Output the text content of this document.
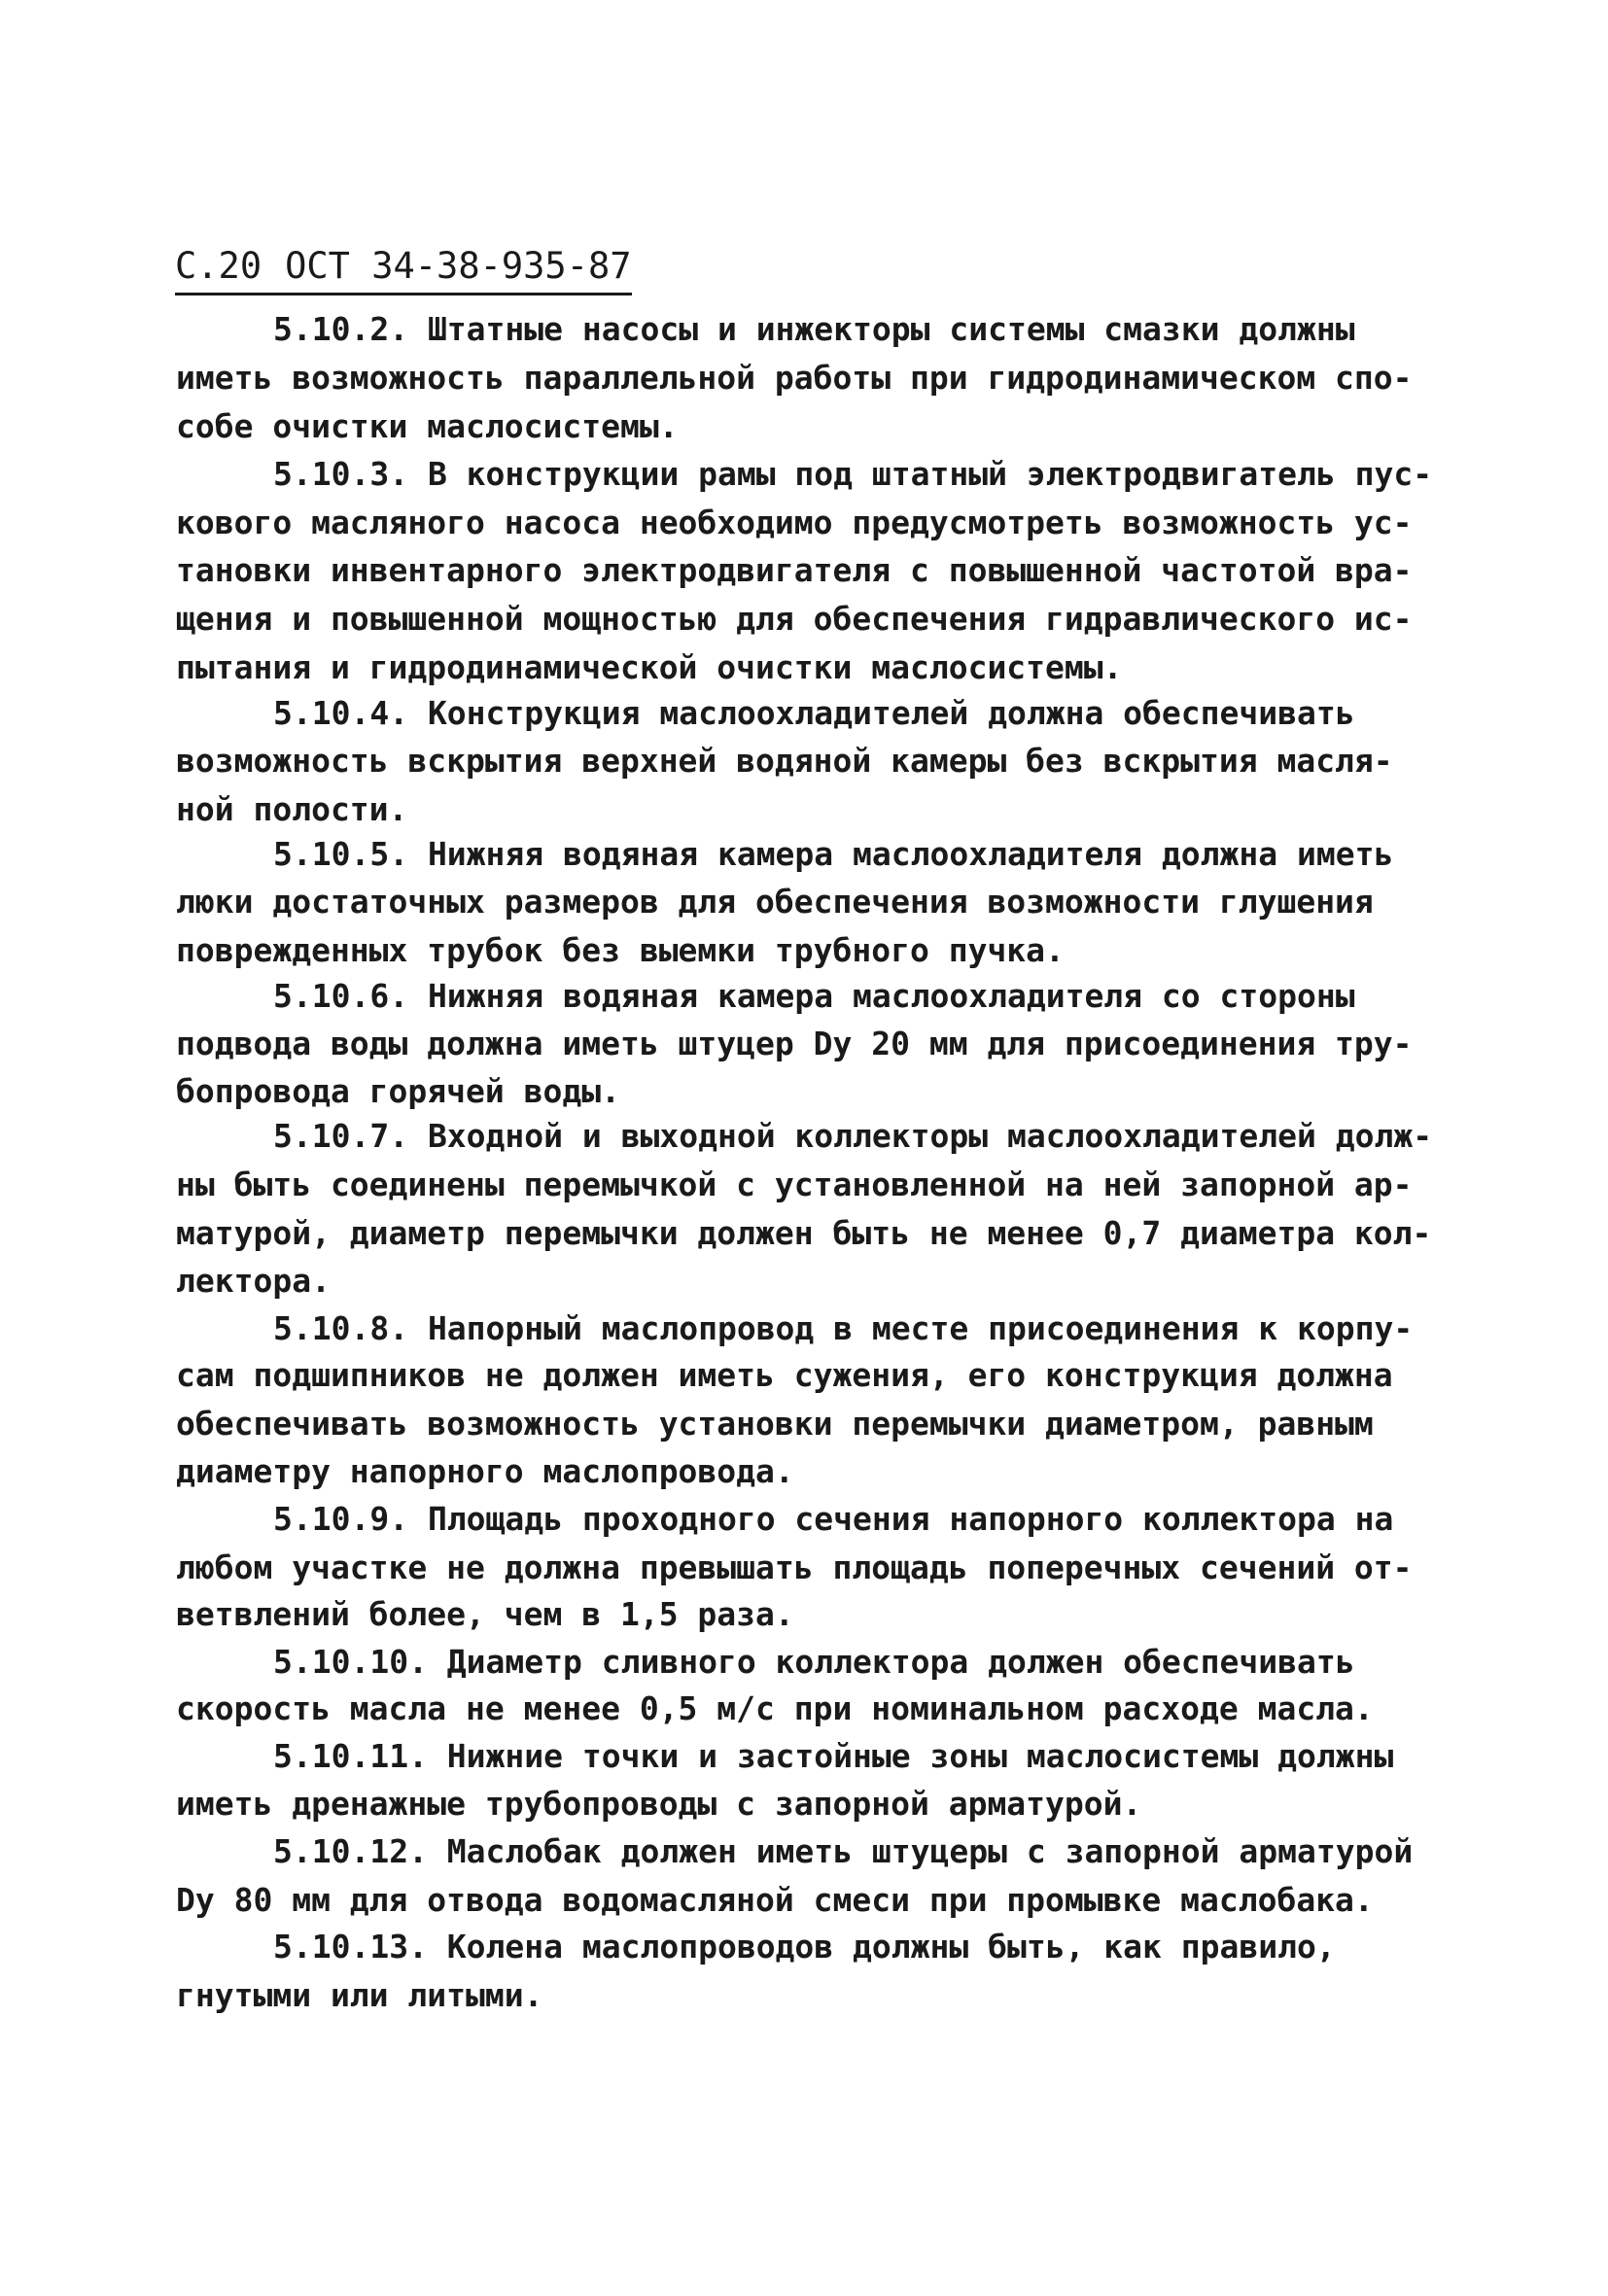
С.20 ОСТ 34-38-935-87
5.10.2. Штатные насосы и инжекторы системы смазки должны
иметь возможность параллельной работы при гидродинамическом спо-
собе очистки маслосистемы.
5.10.3. В конструкции рамы под штатный электродвигатель пус-
кового масляного насоса необходимо предусмотреть возможность ус-
тановки инвентарного электродвигателя с повышенной частотой вра-
щения и повышенной мощностью для обеспечения гидравлического ис-
пытания и гидродинамической очистки маслосистемы.
5.10.4. Конструкция маслоохладителей должна обеспечивать
возможность вскрытия верхней водяной камеры без вскрытия масля-
ной полости.
5.10.5. Нижняя водяная камера маслоохладителя должна иметь
люки достаточных размеров для обеспечения возможности глушения
поврежденных трубок без выемки трубного пучка.
5.10.6. Нижняя водяная камера маслоохладителя со стороны
подвода воды должна иметь штуцер Dу 20 мм для присоединения тру-
бопровода горячей воды.
5.10.7. Входной и выходной коллекторы маслоохладителей долж-
ны быть соединены перемычкой с установленной на ней запорной ар-
матурой, диаметр перемычки должен быть не менее 0,7 диаметра кол-
лектора.
5.10.8. Напорный маслопровод в месте присоединения к корпу-
сам подшипников не должен иметь сужения, его конструкция должна
обеспечивать возможность установки перемычки диаметром, равным
диаметру напорного маслопровода.
5.10.9. Площадь проходного сечения напорного коллектора на
любом участке не должна превышать площадь поперечных сечений от-
ветвлений более, чем в 1,5 раза.
5.10.10. Диаметр сливного коллектора должен обеспечивать
скорость масла не менее 0,5 м/с при номинальном расходе масла.
5.10.11. Нижние точки и застойные зоны маслосистемы должны
иметь дренажные трубопроводы с запорной арматурой.
5.10.12. Маслобак должен иметь штуцеры с запорной арматурой
Dу 80 мм для отвода водомасляной смеси при промывке маслобака.
5.10.13. Колена маслопроводов должны быть, как правило,
гнутыми или литыми.
